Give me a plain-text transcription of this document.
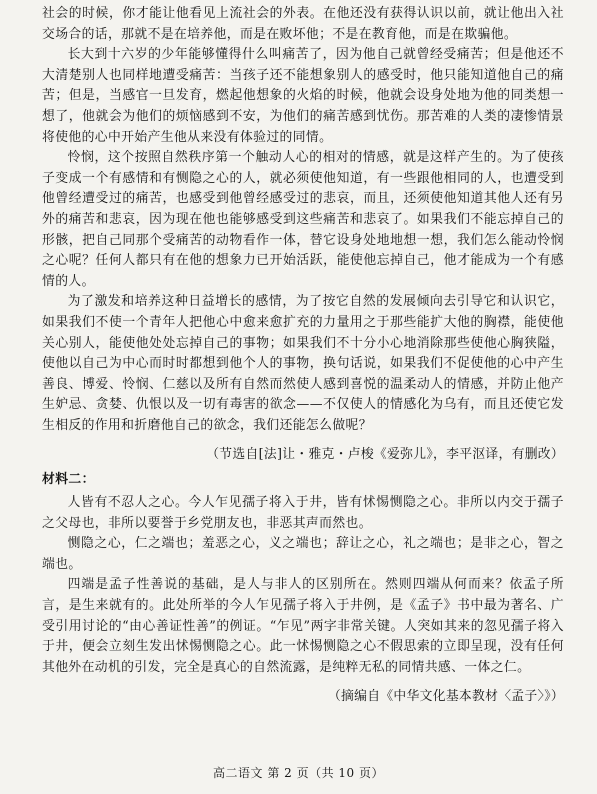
社会的时候，你才能让他看见上流社会的外表。在他还没有获得认识以前，就让他出入社交场合的话，那就不是在培养他，而是在败坏他；不是在教育他，而是在欺骗他。

长大到十六岁的少年能够懂得什么叫痛苦了，因为他自己就曾经受痛苦；但是他还不大清楚别人也同样地遭受痛苦：当孩子还不能想象别人的感受时，他只能知道他自己的痛苦；但是，当感官一旦发育，燃起他想象的火焰的时候，他就会设身处地为他的同类想一想了，他就会为他们的烦恼感到不安，为他们的痛苦感到忧伤。那苦难的人类的凄惨情景将使他的心中开始产生他从来没有体验过的同情。

怜悯，这个按照自然秩序第一个触动人心的相对的情感，就是这样产生的。为了使孩子变成一个有感情和有恻隐之心的人，就必须使他知道，有一些跟他相同的人，也遭受到他曾经遭受过的痛苦，也感受到他曾经感受过的悲哀，而且，还须使他知道其他人还有另外的痛苦和悲哀，因为现在他也能够感受到这些痛苦和悲哀了。如果我们不能忘掉自己的形骸，把自己同那个受痛苦的动物看作一体，替它设身处地地想一想，我们怎么能动怜悯之心呢？任何人都只有在他的想象力已开始活跃，能使他忘掉自己，他才能成为一个有感情的人。

为了激发和培养这种日益增长的感情，为了按它自然的发展倾向去引导它和认识它，如果我们不使一个青年人把他心中愈来愈扩充的力量用之于那些能扩大他的胸襟，能使他关心别人，能使他处处忘掉自己的事物；如果我们不十分小心地消除那些使他心胸狭隘，使他以自己为中心而时时都想到他个人的事物，换句话说，如果我们不促使他的心中产生善良、博爱、怜悯、仁慈以及所有自然而然使人感到喜悦的温柔动人的情感，并防止他产生妒忌、贪婪、仇恨以及一切有毒害的欲念——不仅使人的情感化为乌有，而且还使它发生相反的作用和折磨他自己的欲念，我们还能怎么做呢？

（节选自[法]让・雅克・卢梭《爱弥儿》，李平沤译，有删改）

材料二：

人皆有不忍人之心。今人乍见孺子将入于井，皆有怵惕恻隐之心。非所以内交于孺子之父母也，非所以要誉于乡党朋友也，非恶其声而然也。

恻隐之心，仁之端也；羞恶之心，义之端也；辞让之心，礼之端也；是非之心，智之端也。

四端是孟子性善说的基础，是人与非人的区别所在。然则四端从何而来？依孟子所言，是生来就有的。此处所举的今人乍见孺子将入于井例，是《孟子》书中最为著名、广受引用讨论的“由心善证性善”的例证。“乍见”两字非常关键。人突如其来的忽见孺子将入于井，便会立刻生发出怵惕恻隐之心。此一怵惕恻隐之心不假思索的立即呈现，没有任何其他外在动机的引发，完全是真心的自然流露，是纯粹无私的同情共感、一体之仁。

（摘编自《中华文化基本教材〈孟子〉》）

高二语文 第 2 页（共 10 页）
